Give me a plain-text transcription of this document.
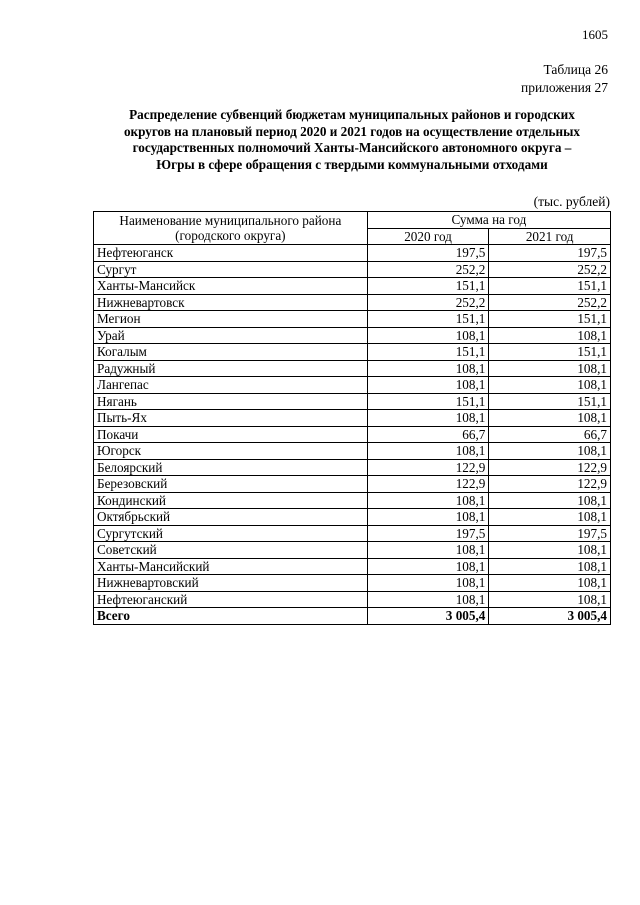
1605
Таблица 26
приложения 27
Распределение субвенций бюджетам муниципальных районов и городских
округов на плановый период 2020 и 2021 годов на осуществление отдельных
государственных полномочий Ханты-Мансийского автономного округа –
Югры в сфере обращения с твердыми коммунальными отходами
(тыс. рублей)
Наименование муниципального района
(городского округа)	Сумма на год	
	2020 год	2021 год
Нефтеюганск	197,5	197,5
Сургут	252,2	252,2
Ханты-Мансийск	151,1	151,1
Нижневартовск	252,2	252,2
Мегион	151,1	151,1
Урай	108,1	108,1
Когалым	151,1	151,1
Радужный	108,1	108,1
Лангепас	108,1	108,1
Нягань	151,1	151,1
Пыть-Ях	108,1	108,1
Покачи	66,7	66,7
Югорск	108,1	108,1
Белоярский	122,9	122,9
Березовский	122,9	122,9
Кондинский	108,1	108,1
Октябрьский	108,1	108,1
Сургутский	197,5	197,5
Советский	108,1	108,1
Ханты-Мансийский	108,1	108,1
Нижневартовский	108,1	108,1
Нефтеюганский	108,1	108,1
Всего	3 005,4	3 005,4
